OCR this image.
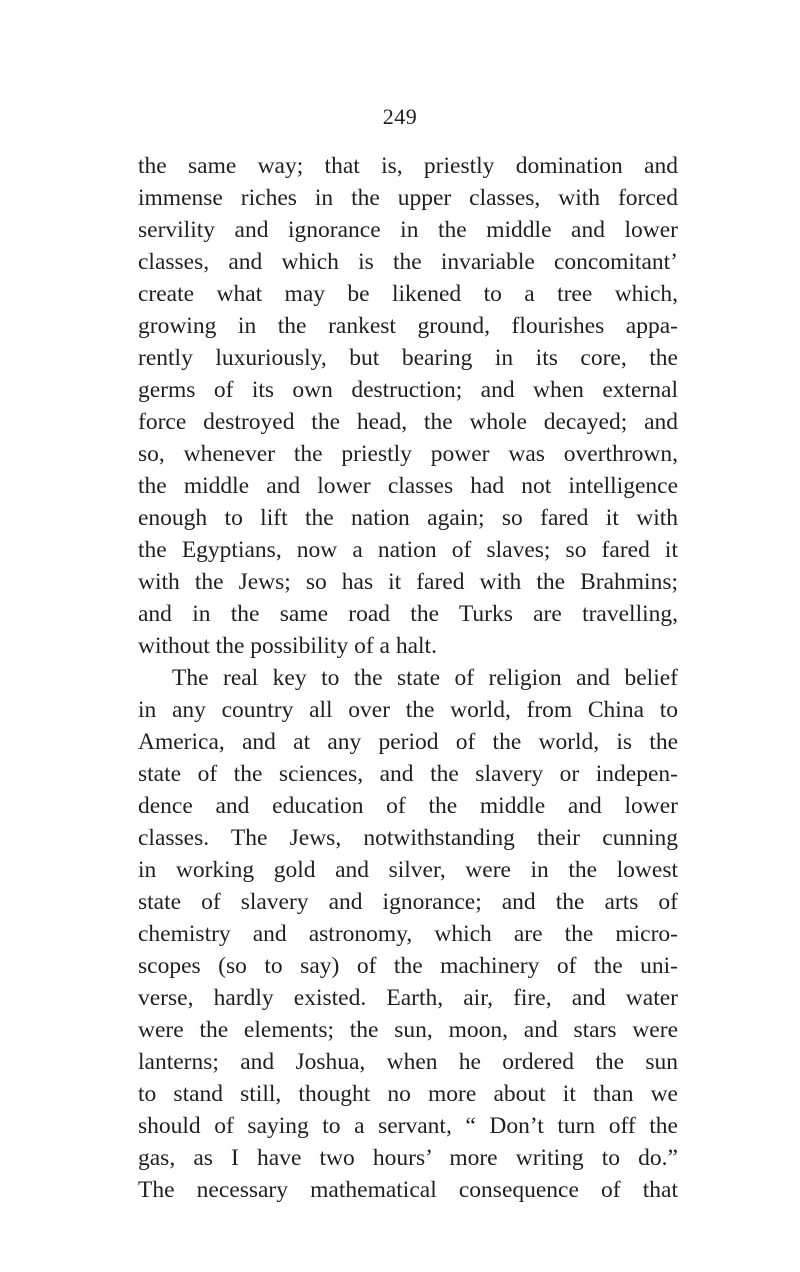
249
the same way; that is, priestly domination and
immense riches in the upper classes, with forced
servility and ignorance in the middle and lower
classes, and which is the invariable concomitant’
create what may be likened to a tree which,
growing in the rankest ground, flourishes appa-
rently luxuriously, but bearing in its core, the
germs of its own destruction; and when external
force destroyed the head, the whole decayed; and
so, whenever the priestly power was overthrown,
the middle and lower classes had not intelligence
enough to lift the nation again; so fared it with
the Egyptians, now a nation of slaves; so fared it
with the Jews; so has it fared with the Brahmins;
and in the same road the Turks are travelling,
without the possibility of a halt.
The real key to the state of religion and belief
in any country all over the world, from China to
America, and at any period of the world, is the
state of the sciences, and the slavery or indepen-
dence and education of the middle and lower
classes. The Jews, notwithstanding their cunning
in working gold and silver, were in the lowest
state of slavery and ignorance; and the arts of
chemistry and astronomy, which are the micro-
scopes (so to say) of the machinery of the uni-
verse, hardly existed. Earth, air, fire, and water
were the elements; the sun, moon, and stars were
lanterns; and Joshua, when he ordered the sun
to stand still, thought no more about it than we
should of saying to a servant, “ Don’t turn off the
gas, as I have two hours’ more writing to do.”
The necessary mathematical consequence of that
